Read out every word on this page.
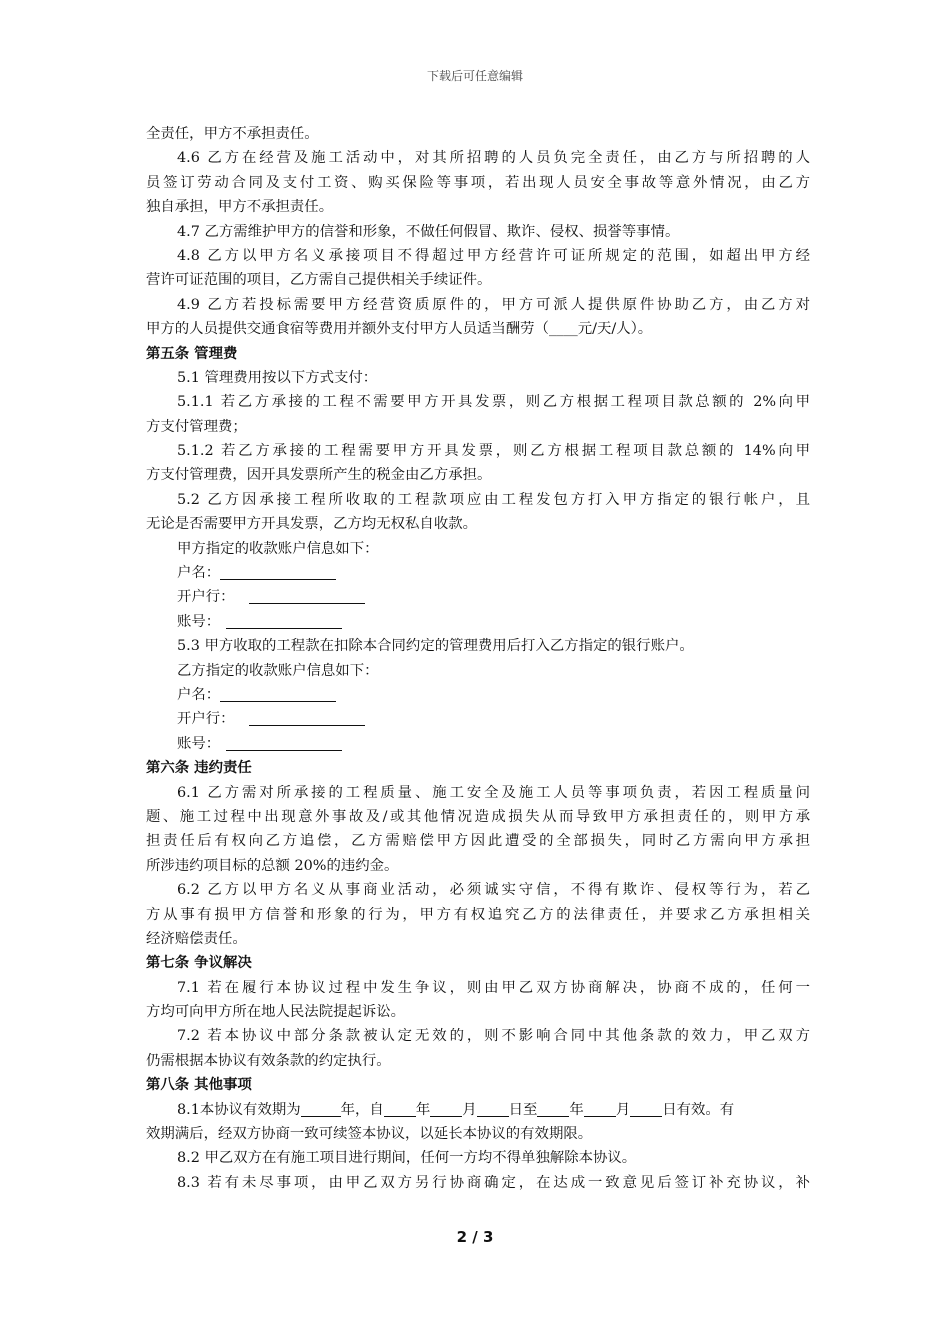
下载后可任意编辑
全责任，甲方不承担责任。
4.6 乙方在经营及施工活动中，对其所招聘的人员负完全责任，由乙方与所招聘的人
员签订劳动合同及支付工资、购买保险等事项，若出现人员安全事故等意外情况，由乙方
独自承担，甲方不承担责任。
4.7 乙方需维护甲方的信誉和形象，不做任何假冒、欺诈、侵权、损誉等事情。
4.8 乙方以甲方名义承接项目不得超过甲方经营许可证所规定的范围，如超出甲方经
营许可证范围的项目，乙方需自己提供相关手续证件。
4.9 乙方若投标需要甲方经营资质原件的，甲方可派人提供原件协助乙方，由乙方对
甲方的人员提供交通食宿等费用并额外支付甲方人员适当酬劳（____元/天/人）。
第五条 管理费
5.1 管理费用按以下方式支付：
5.1.1 若乙方承接的工程不需要甲方开具发票，则乙方根据工程项目款总额的 2%向甲
方支付管理费；
5.1.2 若乙方承接的工程需要甲方开具发票，则乙方根据工程项目款总额的 14%向甲
方支付管理费，因开具发票所产生的税金由乙方承担。
5.2 乙方因承接工程所收取的工程款项应由工程发包方打入甲方指定的银行帐户，且
无论是否需要甲方开具发票，乙方均无权私自收款。
甲方指定的收款账户信息如下：
户名：
开户行：
账号：
5.3 甲方收取的工程款在扣除本合同约定的管理费用后打入乙方指定的银行账户。
乙方指定的收款账户信息如下：
户名：
开户行：
账号：
第六条 违约责任
6.1 乙方需对所承接的工程质量、施工安全及施工人员等事项负责，若因工程质量问
题、施工过程中出现意外事故及/或其他情况造成损失从而导致甲方承担责任的，则甲方承
担责任后有权向乙方追偿，乙方需赔偿甲方因此遭受的全部损失，同时乙方需向甲方承担
所涉违约项目标的总额 20%的违约金。
6.2 乙方以甲方名义从事商业活动，必须诚实守信，不得有欺诈、侵权等行为，若乙
方从事有损甲方信誉和形象的行为，甲方有权追究乙方的法律责任，并要求乙方承担相关
经济赔偿责任。
第七条 争议解决
7.1 若在履行本协议过程中发生争议，则由甲乙双方协商解决，协商不成的，任何一
方均可向甲方所在地人民法院提起诉讼。
7.2 若本协议中部分条款被认定无效的，则不影响合同中其他条款的效力，甲乙双方
仍需根据本协议有效条款的约定执行。
第八条 其他事项
8.1本协议有效期为	年，自 年 月 日至 年 月 日有效。有
效期满后，经双方协商一致可续签本协议，以延长本协议的有效期限。
8.2 甲乙双方在有施工项目进行期间，任何一方均不得单独解除本协议。
8.3 若有未尽事项，由甲乙双方另行协商确定，在达成一致意见后签订补充协议，补
2 / 3
